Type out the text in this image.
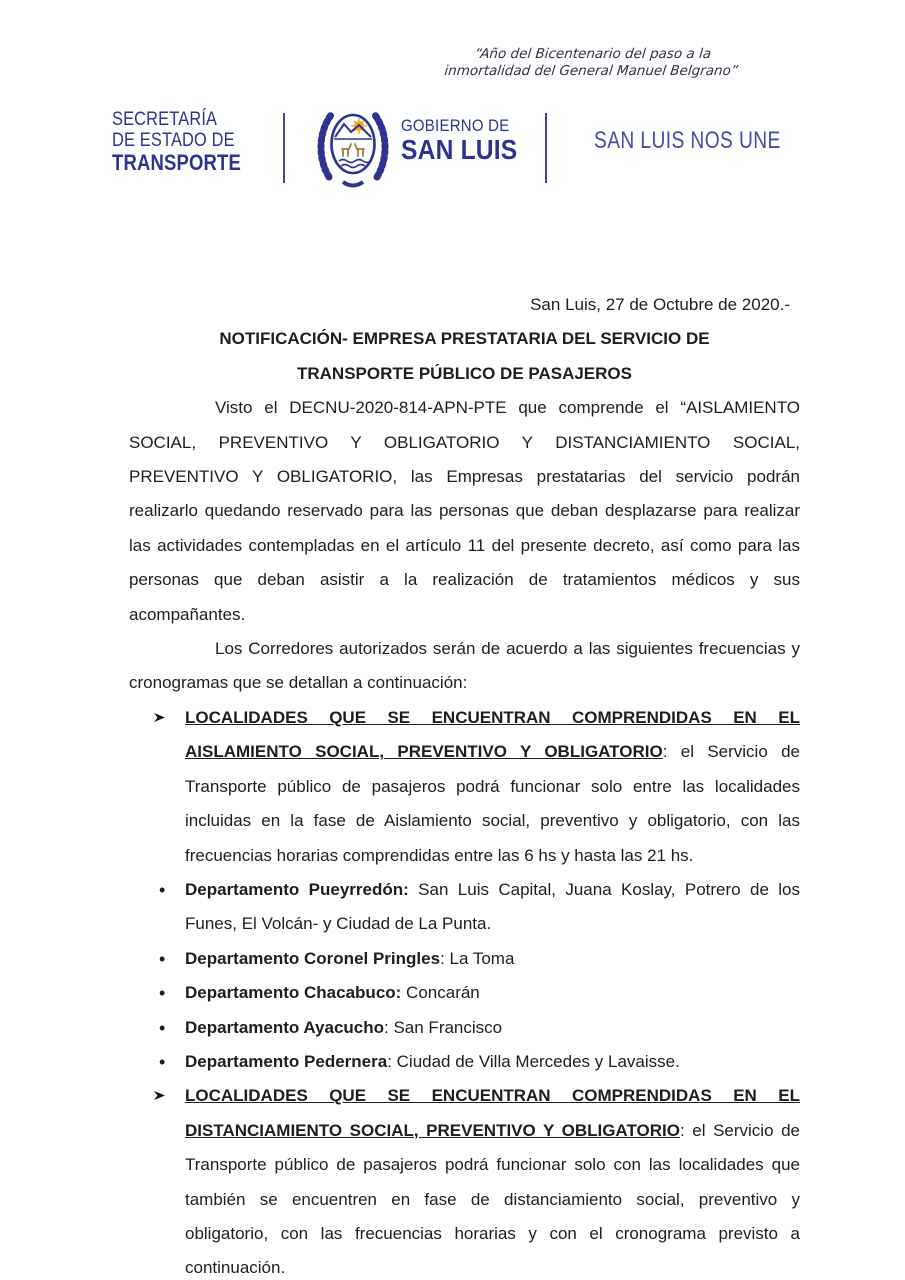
“Año del Bicentenario del paso a la
inmortalidad del General Manuel Belgrano”
SECRETARÍA
DE ESTADO DE
TRANSPORTE
GOBIERNO DE
SAN LUIS	SAN LUIS NOS UNE
San Luis, 27 de Octubre de 2020.-
NOTIFICACIÓN- EMPRESA PRESTATARIA DEL SERVICIO DE
TRANSPORTE PÚBLICO DE PASAJEROS

Visto el DECNU-2020-814-APN-PTE que comprende el “AISLAMIENTO SOCIAL, PREVENTIVO Y OBLIGATORIO Y DISTANCIAMIENTO SOCIAL, PREVENTIVO Y OBLIGATORIO, las Empresas prestatarias del servicio podrán realizarlo quedando reservado para las personas que deban desplazarse para realizar las actividades contempladas en el artículo 11 del presente decreto, así como para las personas que deban asistir a la realización de tratamientos médicos y sus acompañantes.

Los Corredores autorizados serán de acuerdo a las siguientes frecuencias y cronogramas que se detallan a continuación:

LOCALIDADES QUE SE ENCUENTRAN COMPRENDIDAS EN EL AISLAMIENTO SOCIAL, PREVENTIVO Y OBLIGATORIO: el Servicio de Transporte público de pasajeros podrá funcionar solo entre las localidades incluidas en la fase de Aislamiento social, preventivo y obligatorio, con las frecuencias horarias comprendidas entre las 6 hs y hasta las 21 hs.
•	Departamento Pueyrredón: San Luis Capital, Juana Koslay, Potrero de los Funes, El Volcán- y Ciudad de La Punta.
•	Departamento Coronel Pringles: La Toma
•	Departamento Chacabuco: Concarán
•	Departamento Ayacucho: San Francisco
•	Departamento Pedernera: Ciudad de Villa Mercedes y Lavaisse.
LOCALIDADES QUE SE ENCUENTRAN COMPRENDIDAS EN EL DISTANCIAMIENTO SOCIAL, PREVENTIVO Y OBLIGATORIO: el Servicio de Transporte público de pasajeros podrá funcionar solo con las localidades que también se encuentren en fase de distanciamiento social, preventivo y obligatorio, con las frecuencias horarias y con el cronograma previsto a continuación.
